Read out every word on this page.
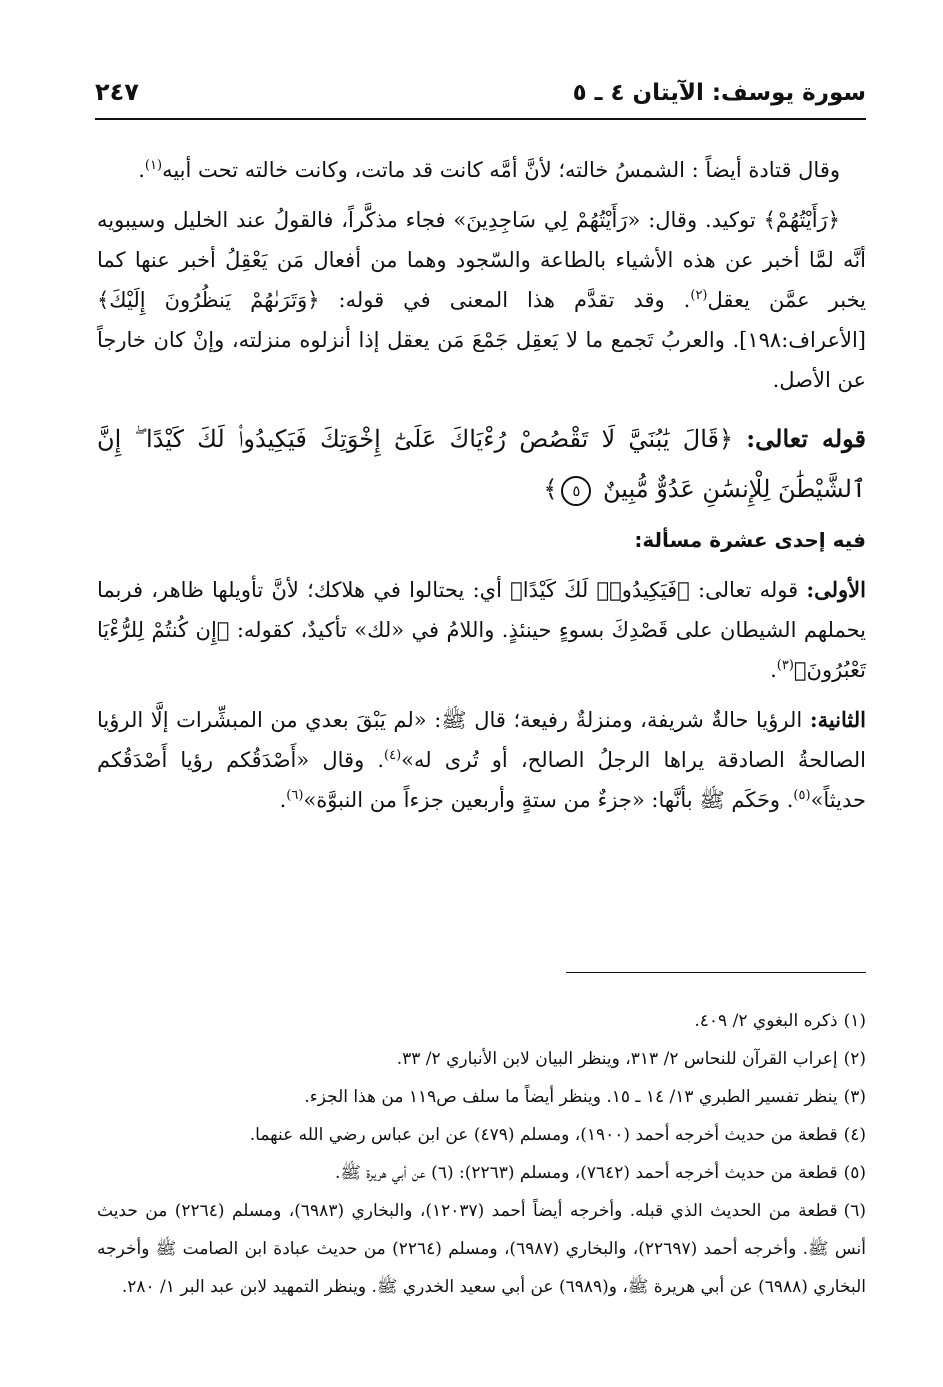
سورة يوسف: الآيتان ٤ ـ ٥
٢٤٧

وقال قتادة أيضاً : الشمسُ خالته؛ لأنَّ أمَّه كانت قد ماتت، وكانت خالته تحت أبيه$^{(١)}$.

﴿رَأَيْتُهُمْ﴾ توكيد. وقال: «رَأَيْتُهُمْ لِي سَاجِدِينَ» فجاء مذكَّراً، فالقولُ عند الخليل وسيبويه أنَّه لمَّا أخبر عن هذه الأشياء بالطاعة والسّجود وهما من أفعال مَن يَعْقِلُ أخبر عنها كما يخبر عمَّن يعقل$^{(٢)}$. وقد تقدَّم هذا المعنى في قوله: ﴿وَتَرَىٰهُمْ يَنظُرُونَ إِلَيْكَ﴾ [الأعراف:١٩٨]. والعربُ تَجمع ما لا يَعقِل جَمْعَ مَن يعقل إذا أنزلوه منزلته، وإنْ كان خارجاً عن الأصل.

قوله تعالى: ﴿قَالَ يَٰبُنَيَّ لَا تَقْصُصْ رُءْيَاكَ عَلَىٰٓ إِخْوَتِكَ فَيَكِيدُوا۟ لَكَ كَيْدًا ۖ إِنَّ ٱلشَّيْطَٰنَ لِلْإِنسَٰنِ عَدُوٌّ مُّبِينٌ ٥﴾
فيه إحدى عشرة مسألة:

الأولى: قوله تعالى: ﴿فَيَكِيدُوا۟ لَكَ كَيْدًا﴾ أي: يحتالوا في هلاكك؛ لأنَّ تأويلها ظاهر، فربما يحملهم الشيطان على قَصْدِكَ بسوءٍ حينئذٍ. واللامُ في «لك» تأكيدٌ، كقوله: ﴿إِن كُنتُمْ لِلرُّءْيَا تَعْبُرُونَ﴾$^{(٣)}$.

الثانية: الرؤيا حالةٌ شريفة، ومنزلةٌ رفيعة؛ قال ﷺ: «لم يَبْقَ بعدي من المبشِّرات إلَّا الرؤيا الصالحةُ الصادقة يراها الرجلُ الصالح، أو تُرى له»$^{(٤)}$. وقال «أَصْدَقُكم رؤيا أَصْدَقُكم حديثاً»$^{(٥)}$. وحَكَم ﷺ بأنَّها: «جزءٌ من ستةٍ وأربعين جزءاً من النبوَّة»$^{(٦)}$.

(١)ذكره البغوي ٢/ ٤٠٩.

(٢)إعراب القرآن للنحاس ٢/ ٣١٣، وينظر البيان لابن الأنباري ٢/ ٣٣.

(٣)ينظر تفسير الطبري ١٣/ ١٤ ـ ١٥. وينظر أيضاً ما سلف ص١١٩ من هذا الجزء.

(٤)قطعة من حديث أخرجه أحمد (١٩٠٠)، ومسلم (٤٧٩) عن ابن عباس رضي الله عنهما.

(٥)قطعة من حديث أخرجه أحمد (٧٦٤٢)، ومسلم (٢٢٦٣): (٦) عن أبي هريرة ﷺ.

(٦)قطعة من الحديث الذي قبله. وأخرجه أيضاً أحمد (١٢٠٣٧)، والبخاري (٦٩٨٣)، ومسلم (٢٢٦٤) من حديث أنس ﷺ. وأخرجه أحمد (٢٢٦٩٧)، والبخاري (٦٩٨٧)، ومسلم (٢٢٦٤) من حديث عبادة ابن الصامت ﷺ وأخرجه البخاري (٦٩٨٨) عن أبي هريرة ﷺ، و(٦٩٨٩) عن أبي سعيد الخدري ﷺ. وينظر التمهيد لابن عبد البر ١/ ٢٨٠.
